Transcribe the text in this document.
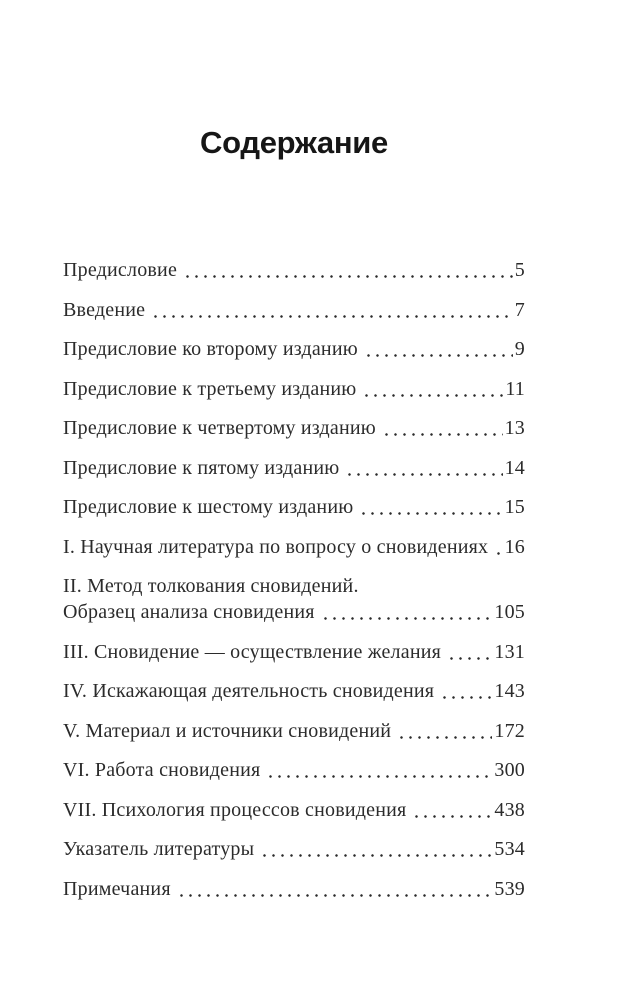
Содержание
Предисловие	5
Введение	7
Предисловие ко второму изданию	9
Предисловие к третьему изданию	11
Предисловие к четвертому изданию	13
Предисловие к пятому изданию	14
Предисловие к шестому изданию	15
I. Научная литература по вопросу о сновидениях 16
II. Метод толкования сновидений.
Образец анализа сновидения	105
III. Сновидение — осуществление желания	131
IV. Искажающая деятельность сновидения	143
V. Материал и источники сновидений	172
VI. Работа сновидения	300
VII. Психология процессов сновидения	438
Указатель литературы	534
Примечания	539
